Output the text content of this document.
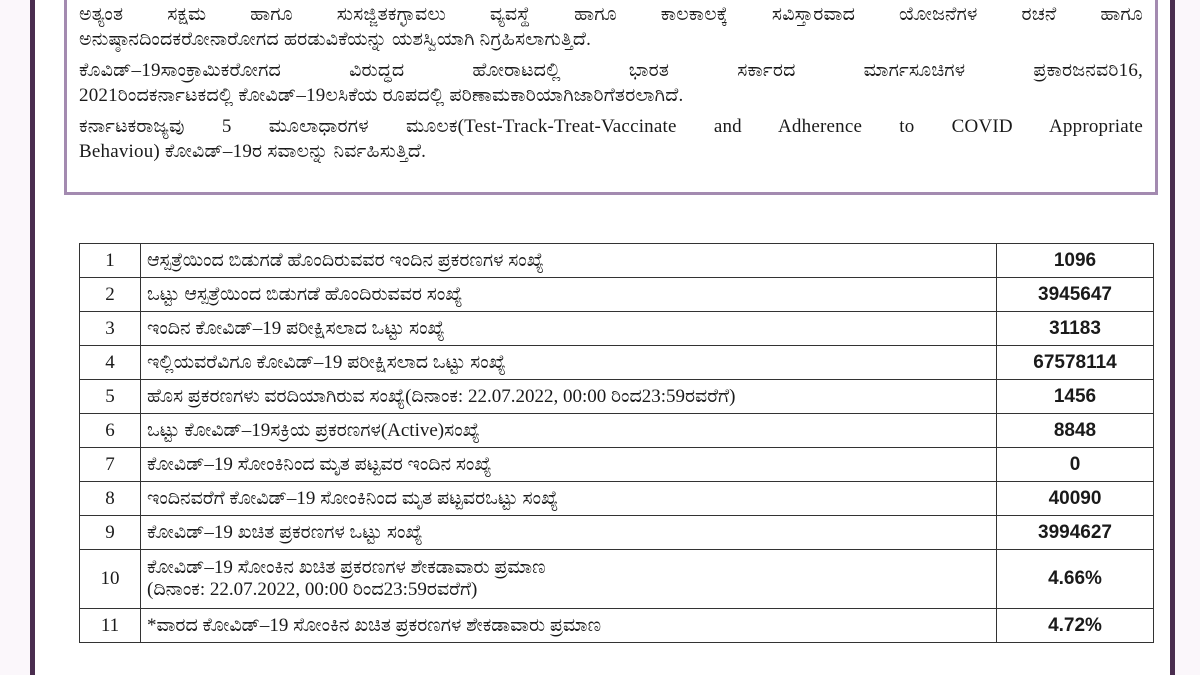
ಅತ್ಯಂತ ಸಕ್ಷಮ ಹಾಗೂ ಸುಸಜ್ಜಿತಕಗ್ಳಾವಲು ವ್ಯವಸ್ಥೆ ಹಾಗೂ ಕಾಲಕಾಲಕ್ಕೆ ಸವಿಸ್ತಾರವಾದ ಯೋಜನೆಗಳ ರಚನೆ ಹಾಗೂ
ಅನುಷ್ಠಾನದಿಂದಕರೋನಾರೋಗದ ಹರಡುವಿಕೆಯನ್ನು ಯಶಸ್ವಿಯಾಗಿ ನಿಗ್ರಹಿಸಲಾಗುತ್ತಿದೆ.
ಕೊವಿಡ್–19ಸಾಂಕ್ರಾಮಿಕರೋಗದ ವಿರುದ್ಧದ ಹೋರಾಟದಲ್ಲಿ ಭಾರತ ಸರ್ಕಾರದ ಮಾರ್ಗಸೂಚಿಗಳ ಪ್ರಕಾರಜನವರಿ16,
2021ರಿಂದಕರ್ನಾಟಕದಲ್ಲಿ ಕೋವಿಡ್–19ಲಸಿಕೆಯ ರೂಪದಲ್ಲಿ ಪರಿಣಾಮಕಾರಿಯಾಗಿಜಾರಿಗೆತರಲಾಗಿದೆ.
ಕರ್ನಾಟಕರಾಜ್ಯವು 5 ಮೂಲಾಧಾರಗಳ ಮೂಲಕ(Test-Track-Treat-Vaccinate and Adherence to COVID Appropriate
Behaviou) ಕೋವಿಡ್–19ರ ಸವಾಲನ್ನು ನಿರ್ವಹಿಸುತ್ತಿದೆ.
1	ಆಸ್ಪತ್ರೆಯಿಂದ ಬಿಡುಗಡೆ ಹೊಂದಿರುವವರ ಇಂದಿನ ಪ್ರಕರಣಗಳ ಸಂಖ್ಯೆ	1096
2	ಒಟ್ಟು ಆಸ್ಪತ್ರೆಯಿಂದ ಬಿಡುಗಡೆ ಹೊಂದಿರುವವರ ಸಂಖ್ಯೆ	3945647
3	ಇಂದಿನ ಕೋವಿಡ್–19 ಪರೀಕ್ಷಿಸಲಾದ ಒಟ್ಟು ಸಂಖ್ಯೆ	31183
4	ಇಲ್ಲಿಯವರೆವಿಗೂ ಕೋವಿಡ್–19 ಪರೀಕ್ಷಿಸಲಾದ ಒಟ್ಟು ಸಂಖ್ಯೆ	67578114
5	ಹೊಸ ಪ್ರಕರಣಗಳು ವರದಿಯಾಗಿರುವ ಸಂಖ್ಯೆ(ದಿನಾಂಕ: 22.07.2022, 00:00 ರಿಂದ23:59ರವರೆಗೆ)	1456
6	ಒಟ್ಟು ಕೋವಿಡ್–19ಸಕ್ರಿಯ ಪ್ರಕರಣಗಳ(Active)ಸಂಖ್ಯೆ	8848
7	ಕೋವಿಡ್–19 ಸೋಂಕಿನಿಂದ ಮೃತ ಪಟ್ಟವರ ಇಂದಿನ ಸಂಖ್ಯೆ	0
8	ಇಂದಿನವರೆಗೆ ಕೋವಿಡ್–19 ಸೋಂಕಿನಿಂದ ಮೃತ ಪಟ್ಟವರಒಟ್ಟು ಸಂಖ್ಯೆ	40090
9	ಕೋವಿಡ್–19 ಖಚಿತ ಪ್ರಕರಣಗಳ ಒಟ್ಟು ಸಂಖ್ಯೆ	3994627
10	ಕೋವಿಡ್–19 ಸೋಂಕಿನ ಖಚಿತ ಪ್ರಕರಣಗಳ ಶೇಕಡಾವಾರು ಪ್ರಮಾಣ
(ದಿನಾಂಕ: 22.07.2022, 00:00 ರಿಂದ23:59ರವರೆಗೆ)	4.66%
11	*ವಾರದ ಕೋವಿಡ್–19 ಸೋಂಕಿನ ಖಚಿತ ಪ್ರಕರಣಗಳ ಶೇಕಡಾವಾರು ಪ್ರಮಾಣ	4.72%
